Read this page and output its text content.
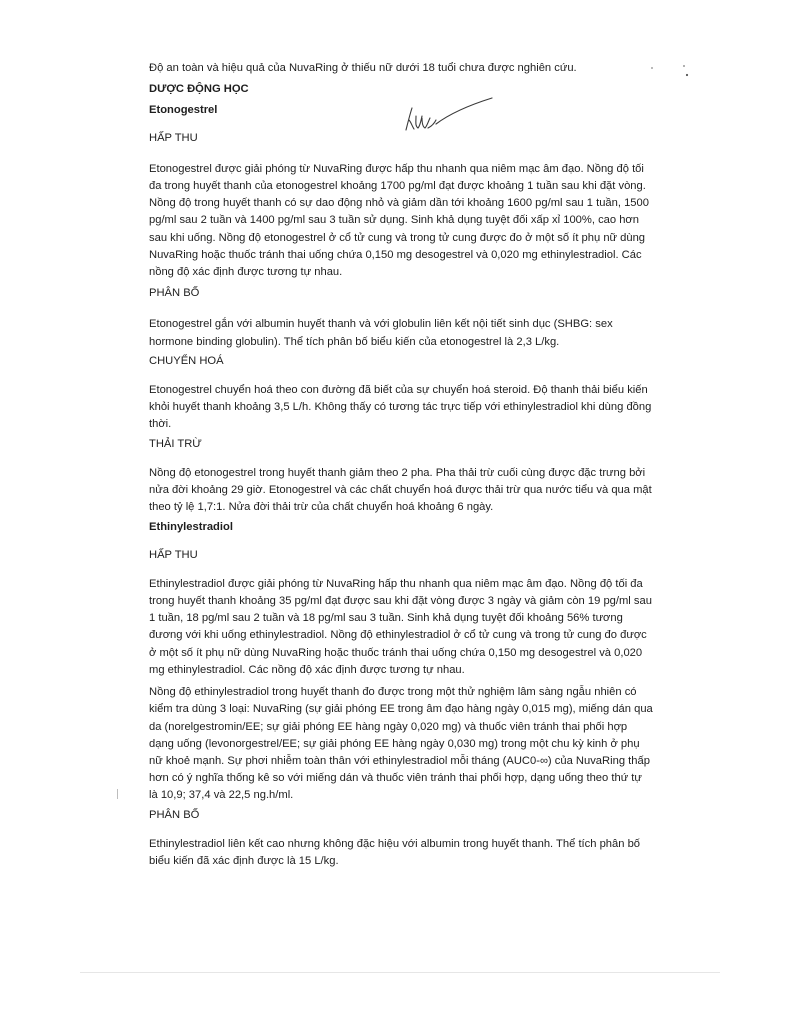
Độ an toàn và hiệu quả của NuvaRing ở thiếu nữ dưới 18 tuổi chưa được nghiên cứu.
DƯỢC ĐỘNG HỌC
Etonogestrel
HẤP THU
Etonogestrel được giải phóng từ NuvaRing được hấp thu nhanh qua niêm mạc âm đạo. Nồng độ tối
đa trong huyết thanh của etonogestrel khoảng 1700 pg/ml đạt được khoảng 1 tuần sau khi đặt vòng.
Nồng độ trong huyết thanh có sự dao động nhỏ và giảm dần tới khoảng 1600 pg/ml sau 1 tuần, 1500
pg/ml sau 2 tuần và 1400 pg/ml sau 3 tuần sử dụng. Sinh khả dụng tuyệt đối xấp xỉ 100%, cao hơn
sau khi uống. Nồng độ etonogestrel ở cổ tử cung và trong tử cung được đo ở một số ít phụ nữ dùng
NuvaRing hoặc thuốc tránh thai uống chứa 0,150 mg desogestrel và 0,020 mg ethinylestradiol. Các
nồng độ xác định được tương tự nhau.
PHÂN BỐ
Etonogestrel gắn với albumin huyết thanh và với globulin liên kết nội tiết sinh dục (SHBG: sex
hormone binding globulin). Thể tích phân bố biểu kiến của etonogestrel là 2,3 L/kg.
CHUYỂN HOÁ
Etonogestrel chuyển hoá theo con đường đã biết của sự chuyển hoá steroid. Độ thanh thải biểu kiến
khỏi huyết thanh khoảng 3,5 L/h. Không thấy có tương tác trực tiếp với ethinylestradiol khi dùng đồng
thời.
THẢI TRỪ
Nồng độ etonogestrel trong huyết thanh giảm theo 2 pha. Pha thải trừ cuối cùng được đặc trưng bởi
nửa đời khoảng 29 giờ. Etonogestrel và các chất chuyển hoá được thải trừ qua nước tiểu và qua mật
theo tỷ lệ 1,7:1. Nửa đời thải trừ của chất chuyển hoá khoảng 6 ngày.
Ethinylestradiol
HẤP THU
Ethinylestradiol được giải phóng từ NuvaRing hấp thu nhanh qua niêm mạc âm đạo. Nồng độ tối đa
trong huyết thanh khoảng 35 pg/ml đạt được sau khi đặt vòng được 3 ngày và giảm còn 19 pg/ml sau
1 tuần, 18 pg/ml sau 2 tuần và 18 pg/ml sau 3 tuần. Sinh khả dụng tuyệt đối khoảng 56% tương
đương với khi uống ethinylestradiol. Nồng độ ethinylestradiol ở cổ tử cung và trong tử cung đo được
ở một số ít phụ nữ dùng NuvaRing hoặc thuốc tránh thai uống chứa 0,150 mg desogestrel và 0,020
mg ethinylestradiol. Các nồng độ xác định được tương tự nhau.
Nồng độ ethinylestradiol trong huyết thanh đo được trong một thử nghiệm lâm sàng ngẫu nhiên có
kiểm tra dùng 3 loại: NuvaRing (sự giải phóng EE trong âm đạo hàng ngày 0,015 mg), miếng dán qua
da (norelgestromin/EE; sự giải phóng EE hàng ngày 0,020 mg) và thuốc viên tránh thai phối hợp
dạng uống (levonorgestrel/EE; sự giải phóng EE hàng ngày 0,030 mg) trong một chu kỳ kinh ở phụ
nữ khoẻ mạnh. Sự phơi nhiễm toàn thân với ethinylestradiol mỗi tháng (AUC0-∞) của NuvaRing thấp
hơn có ý nghĩa thống kê so với miếng dán và thuốc viên tránh thai phối hợp, dạng uống theo thứ tự
là 10,9; 37,4 và 22,5 ng.h/ml.
PHÂN BỐ
Ethinylestradiol liên kết cao nhưng không đặc hiệu với albumin trong huyết thanh. Thể tích phân bố
biểu kiến đã xác định được là 15 L/kg.
